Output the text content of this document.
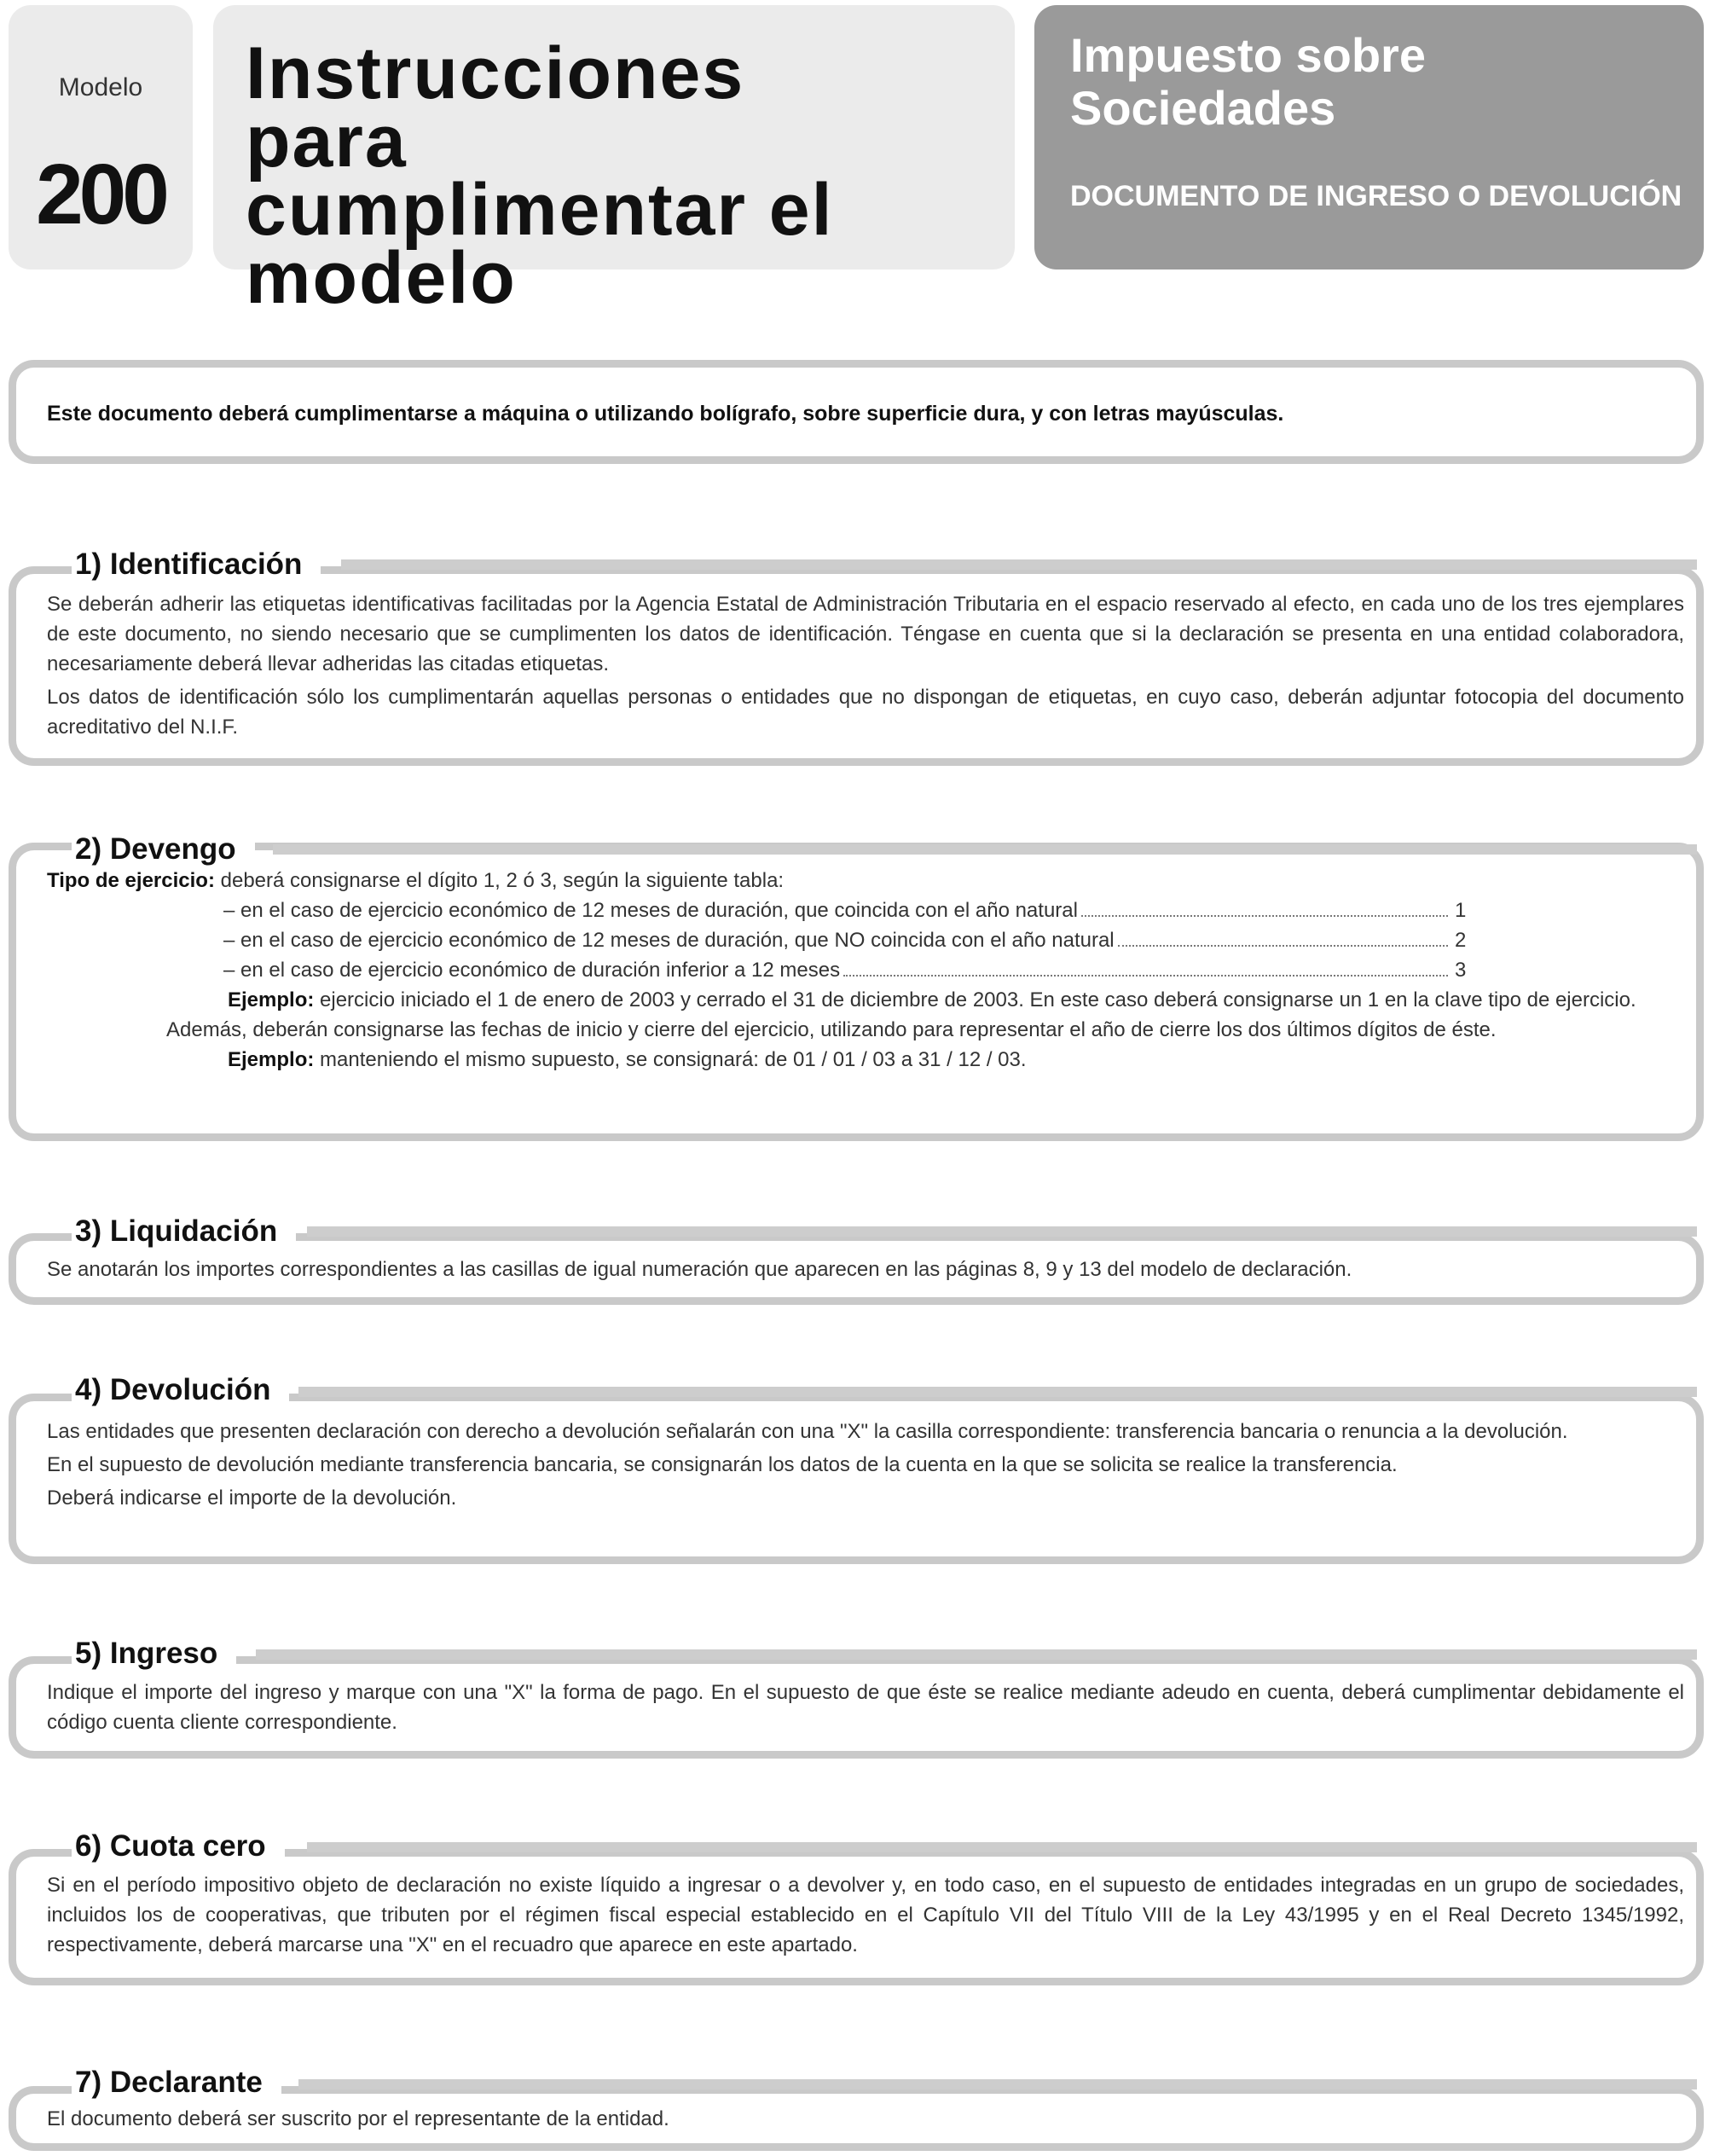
Modelo
200
Instrucciones para cumplimentar el modelo
Impuesto sobre Sociedades
DOCUMENTO DE INGRESO O DEVOLUCIÓN

Este documento deberá cumplimentarse a máquina o utilizando bolígrafo, sobre superficie dura, y con letras mayúsculas.

Se deberán adherir las etiquetas identificativas facilitadas por la Agencia Estatal de Administración Tributaria en el espacio reservado al efecto, en cada uno de los tres ejemplares de este documento, no siendo necesario que se cumplimenten los datos de identificación. Téngase en cuenta que si la declaración se presenta en una entidad colaboradora, necesariamente deberá llevar adheridas las citadas etiquetas.

Los datos de identificación sólo los cumplimentarán aquellas personas o entidades que no dispongan de etiquetas, en cuyo caso, deberán adjuntar fotocopia del documento acreditativo del N.I.F.

1) Identificación

Tipo de ejercicio: deberá consignarse el dígito 1, 2 ó 3, según la siguiente tabla:

– en el caso de ejercicio económico de 12 meses de duración, que coincida con el año natural	1
– en el caso de ejercicio económico de 12 meses de duración, que NO coincida con el año natural	2
– en el caso de ejercicio económico de duración inferior a 12 meses	3

Ejemplo: ejercicio iniciado el 1 de enero de 2003 y cerrado el 31 de diciembre de 2003. En este caso deberá consignarse un 1 en la clave tipo de ejercicio.

Además, deberán consignarse las fechas de inicio y cierre del ejercicio, utilizando para representar el año de cierre los dos últimos dígitos de éste.

Ejemplo: manteniendo el mismo supuesto, se consignará: de 01 / 01 / 03 a 31 / 12 / 03.

2) Devengo

Se anotarán los importes correspondientes a las casillas de igual numeración que aparecen en las páginas 8, 9 y 13 del modelo de declaración.

3) Liquidación

Las entidades que presenten declaración con derecho a devolución señalarán con una "X" la casilla correspondiente: transferencia bancaria o renuncia a la devolución.

En el supuesto de devolución mediante transferencia bancaria, se consignarán los datos de la cuenta en la que se solicita se realice la transferencia.

Deberá indicarse el importe de la devolución.

4) Devolución

Indique el importe del ingreso y marque con una "X" la forma de pago. En el supuesto de que éste se realice mediante adeudo en cuenta, deberá cumplimentar debidamente el código cuenta cliente correspondiente.

5) Ingreso

Si en el período impositivo objeto de declaración no existe líquido a ingresar o a devolver y, en todo caso, en el supuesto de entidades integradas en un grupo de sociedades, incluidos los de cooperativas, que tributen por el régimen fiscal especial establecido en el Capítulo VII del Título VIII de la Ley 43/1995 y en el Real Decreto 1345/1992, respectivamente, deberá marcarse una "X" en el recuadro que aparece en este apartado.

6) Cuota cero

El documento deberá ser suscrito por el representante de la entidad.

7) Declarante
